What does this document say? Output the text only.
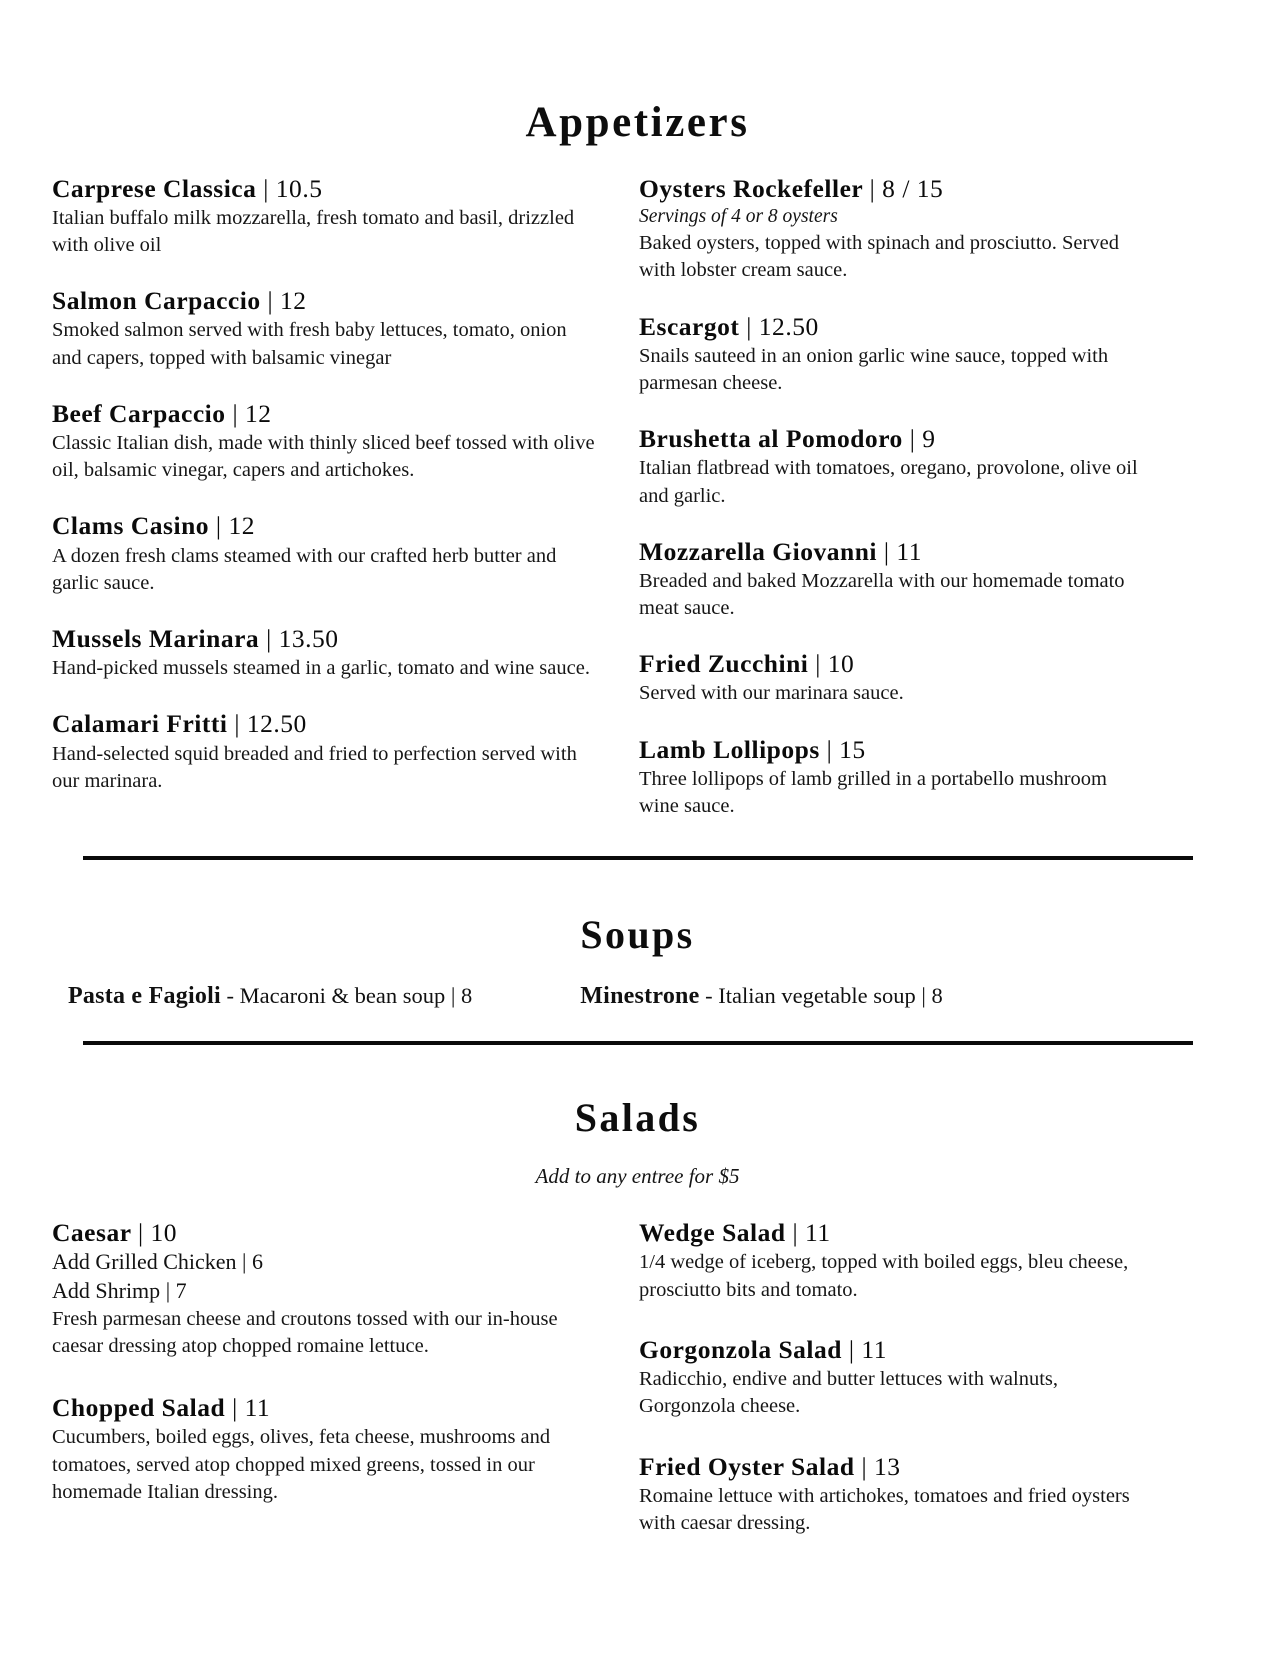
Appetizers
Carprese Classica | 10.5
Italian buffalo milk mozzarella, fresh tomato and basil, drizzled with olive oil
Salmon Carpaccio | 12
Smoked salmon served with fresh baby lettuces, tomato, onion and capers, topped with balsamic vinegar
Beef Carpaccio | 12
Classic Italian dish, made with thinly sliced beef tossed with olive oil, balsamic vinegar, capers and artichokes.
Clams Casino | 12
A dozen fresh clams steamed with our crafted herb butter and garlic sauce.
Mussels Marinara | 13.50
Hand-picked mussels steamed in a garlic, tomato and wine sauce.
Calamari Fritti | 12.50
Hand-selected squid breaded and fried to perfection served with our marinara.
Oysters Rockefeller | 8 / 15
Servings of 4 or 8 oysters
Baked oysters, topped with spinach and prosciutto. Served with lobster cream sauce.
Escargot | 12.50
Snails sauteed in an onion garlic wine sauce, topped with parmesan cheese.
Brushetta al Pomodoro | 9
Italian flatbread with tomatoes, oregano, provolone, olive oil and garlic.
Mozzarella Giovanni | 11
Breaded and baked Mozzarella with our homemade tomato meat sauce.
Fried Zucchini | 10
Served with our marinara sauce.
Lamb Lollipops | 15
Three lollipops of lamb grilled in a portabello mushroom wine sauce.
Soups
Pasta e Fagioli - Macaroni & bean soup | 8	Minestrone - Italian vegetable soup | 8
Salads
Add to any entree for $5
Caesar | 10
Add Grilled Chicken | 6
Add Shrimp | 7
Fresh parmesan cheese and croutons tossed with our in-house caesar dressing atop chopped romaine lettuce.
Chopped Salad | 11
Cucumbers, boiled eggs, olives, feta cheese, mushrooms and tomatoes, served atop chopped mixed greens, tossed in our homemade Italian dressing.
Wedge Salad | 11
1/4 wedge of iceberg, topped with boiled eggs, bleu cheese, prosciutto bits and tomato.
Gorgonzola Salad | 11
Radicchio, endive and butter lettuces with walnuts, Gorgonzola cheese.
Fried Oyster Salad | 13
Romaine lettuce with artichokes, tomatoes and fried oysters with caesar dressing.
